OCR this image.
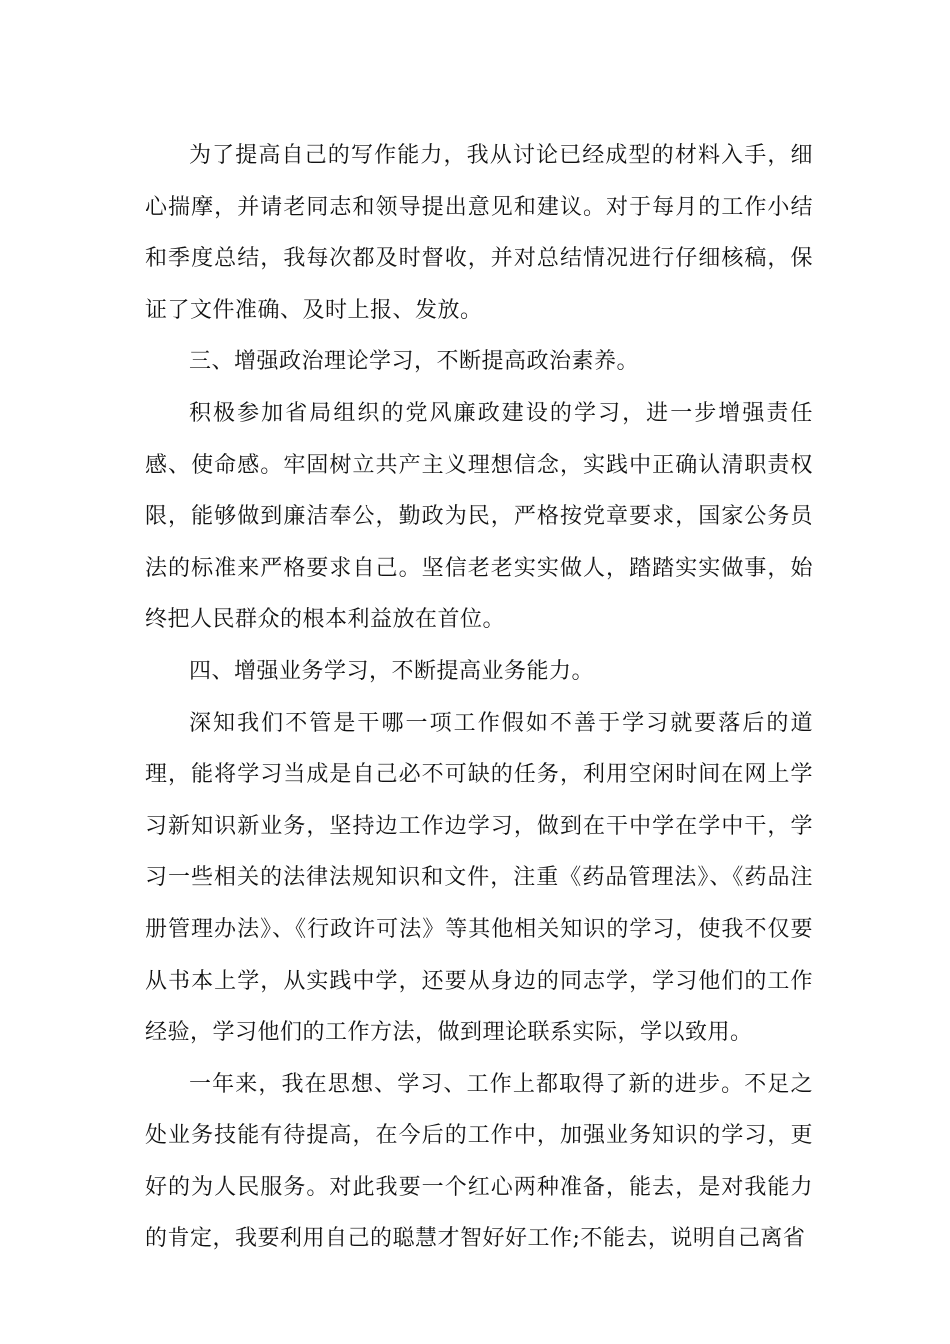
为了提高自己的写作能力，我从讨论已经成型的材料入手，细心揣摩，并请老同志和领导提出意见和建议。对于每月的工作小结和季度总结，我每次都及时督收，并对总结情况进行仔细核稿，保证了文件准确、及时上报、发放。

三、增强政治理论学习，不断提高政治素养。

积极参加省局组织的党风廉政建设的学习，进一步增强责任感、使命感。牢固树立共产主义理想信念，实践中正确认清职责权限，能够做到廉洁奉公，勤政为民，严格按党章要求，国家公务员法的标准来严格要求自己。坚信老老实实做人，踏踏实实做事，始终把人民群众的根本利益放在首位。

四、增强业务学习，不断提高业务能力。

深知我们不管是干哪一项工作假如不善于学习就要落后的道理，能将学习当成是自己必不可缺的任务，利用空闲时间在网上学习新知识新业务，坚持边工作边学习，做到在干中学在学中干，学习一些相关的法律法规知识和文件，注重《药品管理法》、《药品注册管理办法》、《行政许可法》等其他相关知识的学习，使我不仅要从书本上学，从实践中学，还要从身边的同志学，学习他们的工作经验，学习他们的工作方法，做到理论联系实际，学以致用。

一年来，我在思想、学习、工作上都取得了新的进步。不足之处业务技能有待提高，在今后的工作中，加强业务知识的学习，更好的为人民服务。对此我要一个红心两种准备，能去，是对我能力的肯定，我要利用自己的聪慧才智好好工作;不能去，说明自己离省
